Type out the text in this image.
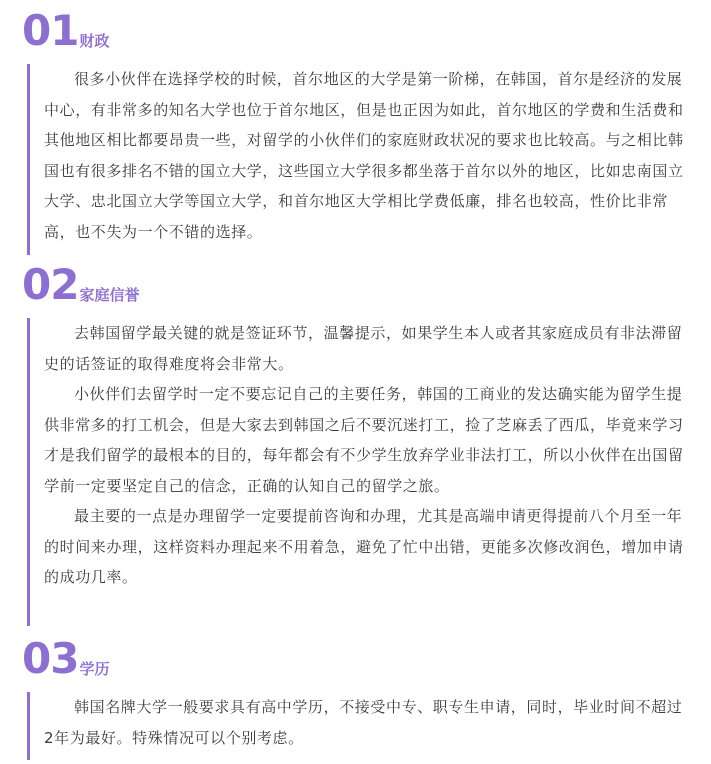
01 财政

很多小伙伴在选择学校的时候，首尔地区的大学是第一阶梯，在韩国，首尔是经济的发展中心，有非常多的知名大学也位于首尔地区，但是也正因为如此，首尔地区的学费和生活费和其他地区相比都要昂贵一些，对留学的小伙伴们的家庭财政状况的要求也比较高。与之相比韩国也有很多排名不错的国立大学，这些国立大学很多都坐落于首尔以外的地区，比如忠南国立大学、忠北国立大学等国立大学，和首尔地区大学相比学费低廉，排名也较高，性价比非常高，也不失为一个不错的选择。

02 家庭信誉

去韩国留学最关键的就是签证环节，温馨提示，如果学生本人或者其家庭成员有非法滞留史的话签证的取得难度将会非常大。

小伙伴们去留学时一定不要忘记自己的主要任务，韩国的工商业的发达确实能为留学生提供非常多的打工机会，但是大家去到韩国之后不要沉迷打工，捡了芝麻丢了西瓜，毕竟来学习才是我们留学的最根本的目的，每年都会有不少学生放弃学业非法打工，所以小伙伴在出国留学前一定要坚定自己的信念，正确的认知自己的留学之旅。

最主要的一点是办理留学一定要提前咨询和办理，尤其是高端申请更得提前八个月至一年的时间来办理，这样资料办理起来不用着急，避免了忙中出错，更能多次修改润色，增加申请的成功几率。

03 学历

韩国名牌大学一般要求具有高中学历，不接受中专、职专生申请，同时，毕业时间不超过2年为最好。特殊情况可以个别考虑。
